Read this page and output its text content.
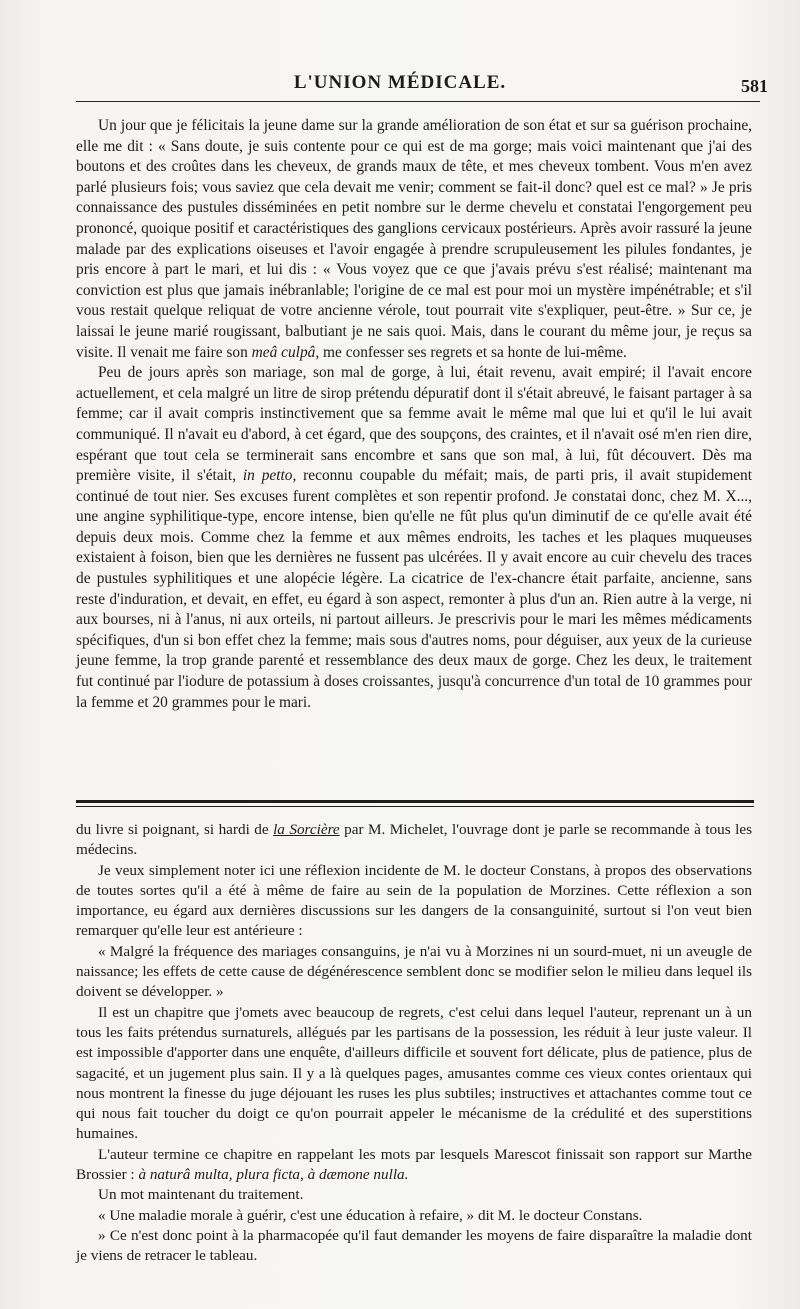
L'UNION MÉDICALE.	581

Un jour que je félicitais la jeune dame sur la grande amélioration de son état et sur sa guérison prochaine, elle me dit : « Sans doute, je suis contente pour ce qui est de ma gorge; mais voici maintenant que j'ai des boutons et des croûtes dans les cheveux, de grands maux de tête, et mes cheveux tombent. Vous m'en avez parlé plusieurs fois; vous saviez que cela devait me venir; comment se fait-il donc? quel est ce mal? » Je pris connaissance des pustules disséminées en petit nombre sur le derme chevelu et constatai l'engorgement peu prononcé, quoique positif et caractéristiques des ganglions cervicaux postérieurs. Après avoir rassuré la jeune malade par des explications oiseuses et l'avoir engagée à prendre scrupuleusement les pilules fondantes, je pris encore à part le mari, et lui dis : « Vous voyez que ce que j'avais prévu s'est réalisé; maintenant ma conviction est plus que jamais inébranlable; l'origine de ce mal est pour moi un mystère impénétrable; et s'il vous restait quelque reliquat de votre ancienne vérole, tout pourrait vite s'expliquer, peut-être. » Sur ce, je laissai le jeune marié rougissant, balbutiant je ne sais quoi. Mais, dans le courant du même jour, je reçus sa visite. Il venait me faire son meâ culpâ, me confesser ses regrets et sa honte de lui-même.

Peu de jours après son mariage, son mal de gorge, à lui, était revenu, avait empiré; il l'avait encore actuellement, et cela malgré un litre de sirop prétendu dépuratif dont il s'était abreuvé, le faisant partager à sa femme; car il avait compris instinctivement que sa femme avait le même mal que lui et qu'il le lui avait communiqué. Il n'avait eu d'abord, à cet égard, que des soupçons, des craintes, et il n'avait osé m'en rien dire, espérant que tout cela se terminerait sans encombre et sans que son mal, à lui, fût découvert. Dès ma première visite, il s'était, in petto, reconnu coupable du méfait; mais, de parti pris, il avait stupidement continué de tout nier. Ses excuses furent complètes et son repentir profond. Je constatai donc, chez M. X..., une angine syphilitique-type, encore intense, bien qu'elle ne fût plus qu'un diminutif de ce qu'elle avait été depuis deux mois. Comme chez la femme et aux mêmes endroits, les taches et les plaques muqueuses existaient à foison, bien que les dernières ne fussent pas ulcérées. Il y avait encore au cuir chevelu des traces de pustules syphilitiques et une alopécie légère. La cicatrice de l'ex-chancre était parfaite, ancienne, sans reste d'induration, et devait, en effet, eu égard à son aspect, remonter à plus d'un an. Rien autre à la verge, ni aux bourses, ni à l'anus, ni aux orteils, ni partout ailleurs. Je prescrivis pour le mari les mêmes médicaments spécifiques, d'un si bon effet chez la femme; mais sous d'autres noms, pour déguiser, aux yeux de la curieuse jeune femme, la trop grande parenté et ressemblance des deux maux de gorge. Chez les deux, le traitement fut continué par l'iodure de potassium à doses croissantes, jusqu'à concurrence d'un total de 10 grammes pour la femme et 20 grammes pour le mari.

du livre si poignant, si hardi de la Sorcière par M. Michelet, l'ouvrage dont je parle se recommande à tous les médecins.

Je veux simplement noter ici une réflexion incidente de M. le docteur Constans, à propos des observations de toutes sortes qu'il a été à même de faire au sein de la population de Morzines. Cette réflexion a son importance, eu égard aux dernières discussions sur les dangers de la consanguinité, surtout si l'on veut bien remarquer qu'elle leur est antérieure :

« Malgré la fréquence des mariages consanguins, je n'ai vu à Morzines ni un sourd-muet, ni un aveugle de naissance; les effets de cette cause de dégénérescence semblent donc se modifier selon le milieu dans lequel ils doivent se développer. »

Il est un chapitre que j'omets avec beaucoup de regrets, c'est celui dans lequel l'auteur, reprenant un à un tous les faits prétendus surnaturels, allégués par les partisans de la possession, les réduit à leur juste valeur. Il est impossible d'apporter dans une enquête, d'ailleurs difficile et souvent fort délicate, plus de patience, plus de sagacité, et un jugement plus sain. Il y a là quelques pages, amusantes comme ces vieux contes orientaux qui nous montrent la finesse du juge déjouant les ruses les plus subtiles; instructives et attachantes comme tout ce qui nous fait toucher du doigt ce qu'on pourrait appeler le mécanisme de la crédulité et des superstitions humaines.

L'auteur termine ce chapitre en rappelant les mots par lesquels Marescot finissait son rapport sur Marthe Brossier : à naturâ multa, plura ficta, à dæmone nulla.

Un mot maintenant du traitement.

« Une maladie morale à guérir, c'est une éducation à refaire, » dit M. le docteur Constans.

» Ce n'est donc point à la pharmacopée qu'il faut demander les moyens de faire disparaître la maladie dont je viens de retracer le tableau.
